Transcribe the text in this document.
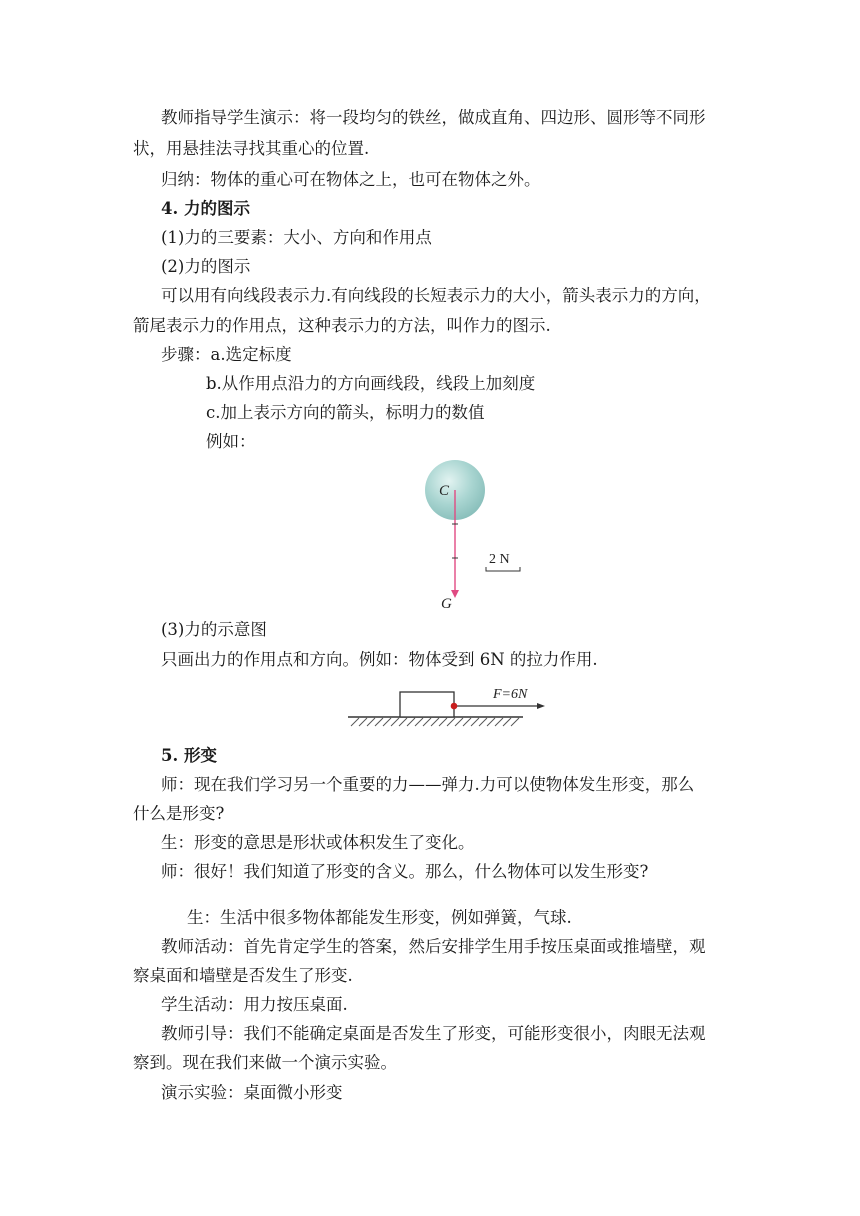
教师指导学生演示：将一段均匀的铁丝，做成直角、四边形、圆形等不同形
状，用悬挂法寻找其重心的位置.
归纳：物体的重心可在物体之上，也可在物体之外。
4. 力的图示
(1)力的三要素：大小、方向和作用点
(2)力的图示
可以用有向线段表示力.有向线段的长短表示力的大小，箭头表示力的方向，
箭尾表示力的作用点，这种表示力的方法，叫作力的图示.
步骤：a.选定标度
b.从作用点沿力的方向画线段，线段上加刻度
c.加上表示方向的箭头，标明力的数值
例如：
C
G
2 N
(3)力的示意图
只画出力的作用点和方向。例如：物体受到 6N 的拉力作用.
F=6N
5. 形变
师：现在我们学习另一个重要的力——弹力.力可以使物体发生形变，那么
什么是形变?
生：形变的意思是形状或体积发生了变化。
师：很好！我们知道了形变的含义。那么，什么物体可以发生形变?
生：生活中很多物体都能发生形变，例如弹簧，气球.
教师活动：首先肯定学生的答案，然后安排学生用手按压桌面或推墙壁，观
察桌面和墙壁是否发生了形变.
学生活动：用力按压桌面.
教师引导：我们不能确定桌面是否发生了形变，可能形变很小，肉眼无法观
察到。现在我们来做一个演示实验。
演示实验：桌面微小形变
